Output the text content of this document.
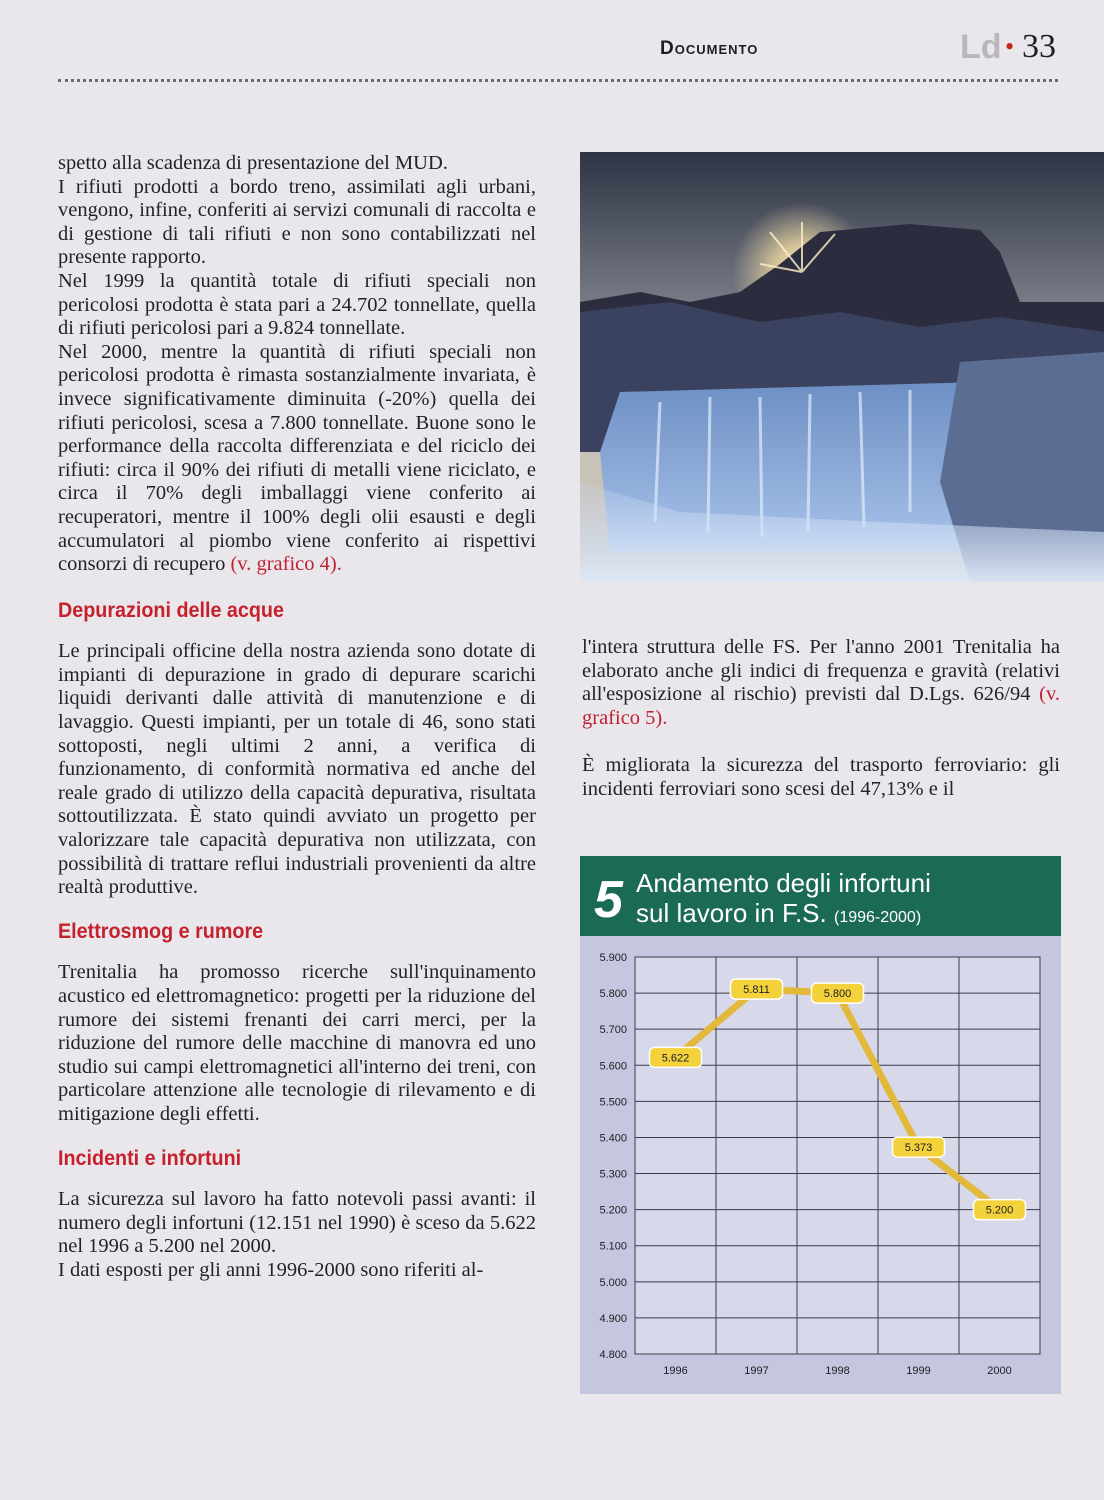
Documento	Ld • 33

spetto alla scadenza di presentazione del MUD.

I rifiuti prodotti a bordo treno, assimilati agli urbani, vengono, infine, conferiti ai servizi comunali di raccolta e di gestione di tali rifiuti e non sono contabilizzati nel presente rapporto.

Nel 1999 la quantità totale di rifiuti speciali non pericolosi prodotta è stata pari a 24.702 tonnellate, quella di rifiuti pericolosi pari a 9.824 tonnellate.

Nel 2000, mentre la quantità di rifiuti speciali non pericolosi prodotta è rimasta sostanzialmente invariata, è invece significativamente diminuita (-20%) quella dei rifiuti pericolosi, scesa a 7.800 tonnellate. Buone sono le performance della raccolta differenziata e del riciclo dei rifiuti: circa il 90% dei rifiuti di metalli viene riciclato, e circa il 70% degli imballaggi viene conferito ai recuperatori, mentre il 100% degli olii esausti e degli accumulatori al piombo viene conferito ai rispettivi consorzi di recupero (v. grafico 4).

Depurazioni delle acque

Le principali officine della nostra azienda sono dotate di impianti di depurazione in grado di depurare scarichi liquidi derivanti dalle attività di manutenzione e di lavaggio. Questi impianti, per un totale di 46, sono stati sottoposti, negli ultimi 2 anni, a verifica di funzionamento, di conformità normativa ed anche del reale grado di utilizzo della capacità depurativa, risultata sottoutilizzata. È stato quindi avviato un progetto per valorizzare tale capacità depurativa non utilizzata, con possibilità di trattare reflui industriali provenienti da altre realtà produttive.

Elettrosmog e rumore

Trenitalia ha promosso ricerche sull'inquinamento acustico ed elettromagnetico: progetti per la riduzione del rumore dei sistemi frenanti dei carri merci, per la riduzione del rumore delle macchine di manovra ed uno studio sui campi elettromagnetici all'interno dei treni, con particolare attenzione alle tecnologie di rilevamento e di mitigazione degli effetti.

Incidenti e infortuni

La sicurezza sul lavoro ha fatto notevoli passi avanti: il numero degli infortuni (12.151 nel 1990) è sceso da 5.622 nel 1996 a 5.200 nel 2000.

I dati esposti per gli anni 1996-2000 sono riferiti al-

l'intera struttura delle FS. Per l'anno 2001 Trenitalia ha elaborato anche gli indici di frequenza e gravità (relativi all'esposizione al rischio) previsti dal D.Lgs. 626/94 (v. grafico 5).

È migliorata la sicurezza del trasporto ferroviario: gli incidenti ferroviari sono scesi del 47,13% e il

5 Andamento degli infortuni
sul lavoro in F.S. (1996-2000)
5.900
5.800
5.700
5.600
5.500
5.400
5.300
5.200
5.100
5.000
4.900
4.800
1996	1997	1998	1999	2000
5.622
5.811	5.800
5.373
5.200
